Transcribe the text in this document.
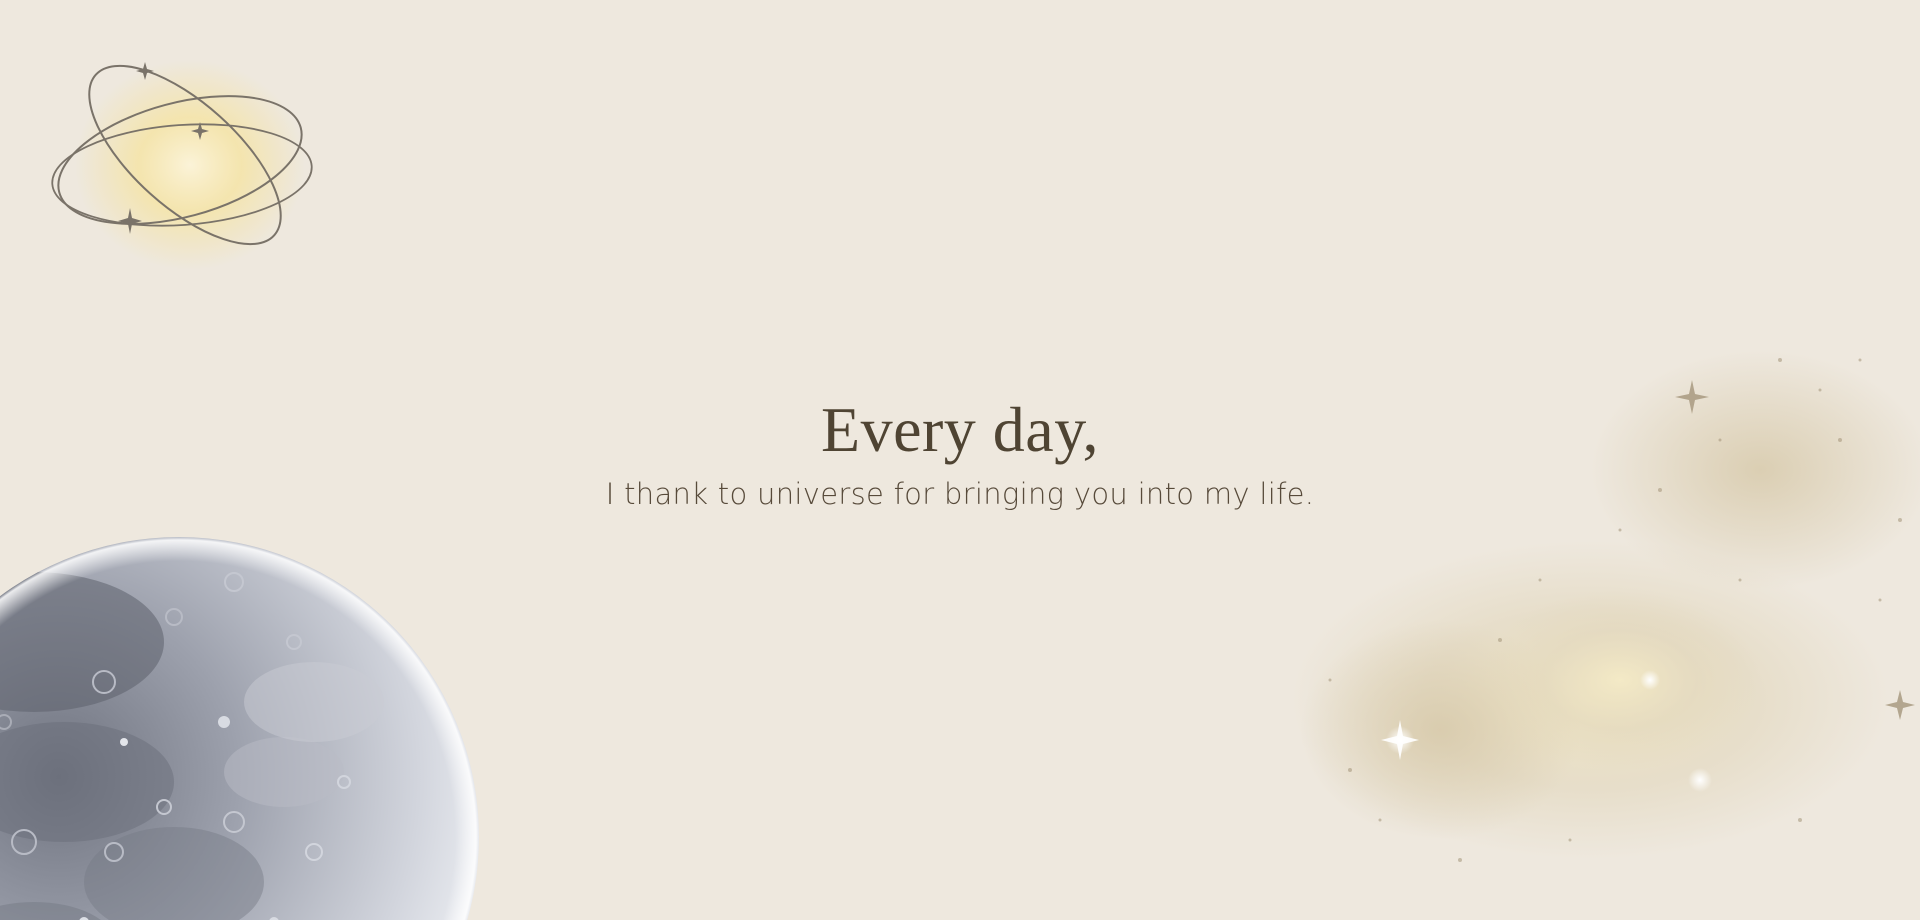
Every day,
I thank to universe for bringing you into my life.
